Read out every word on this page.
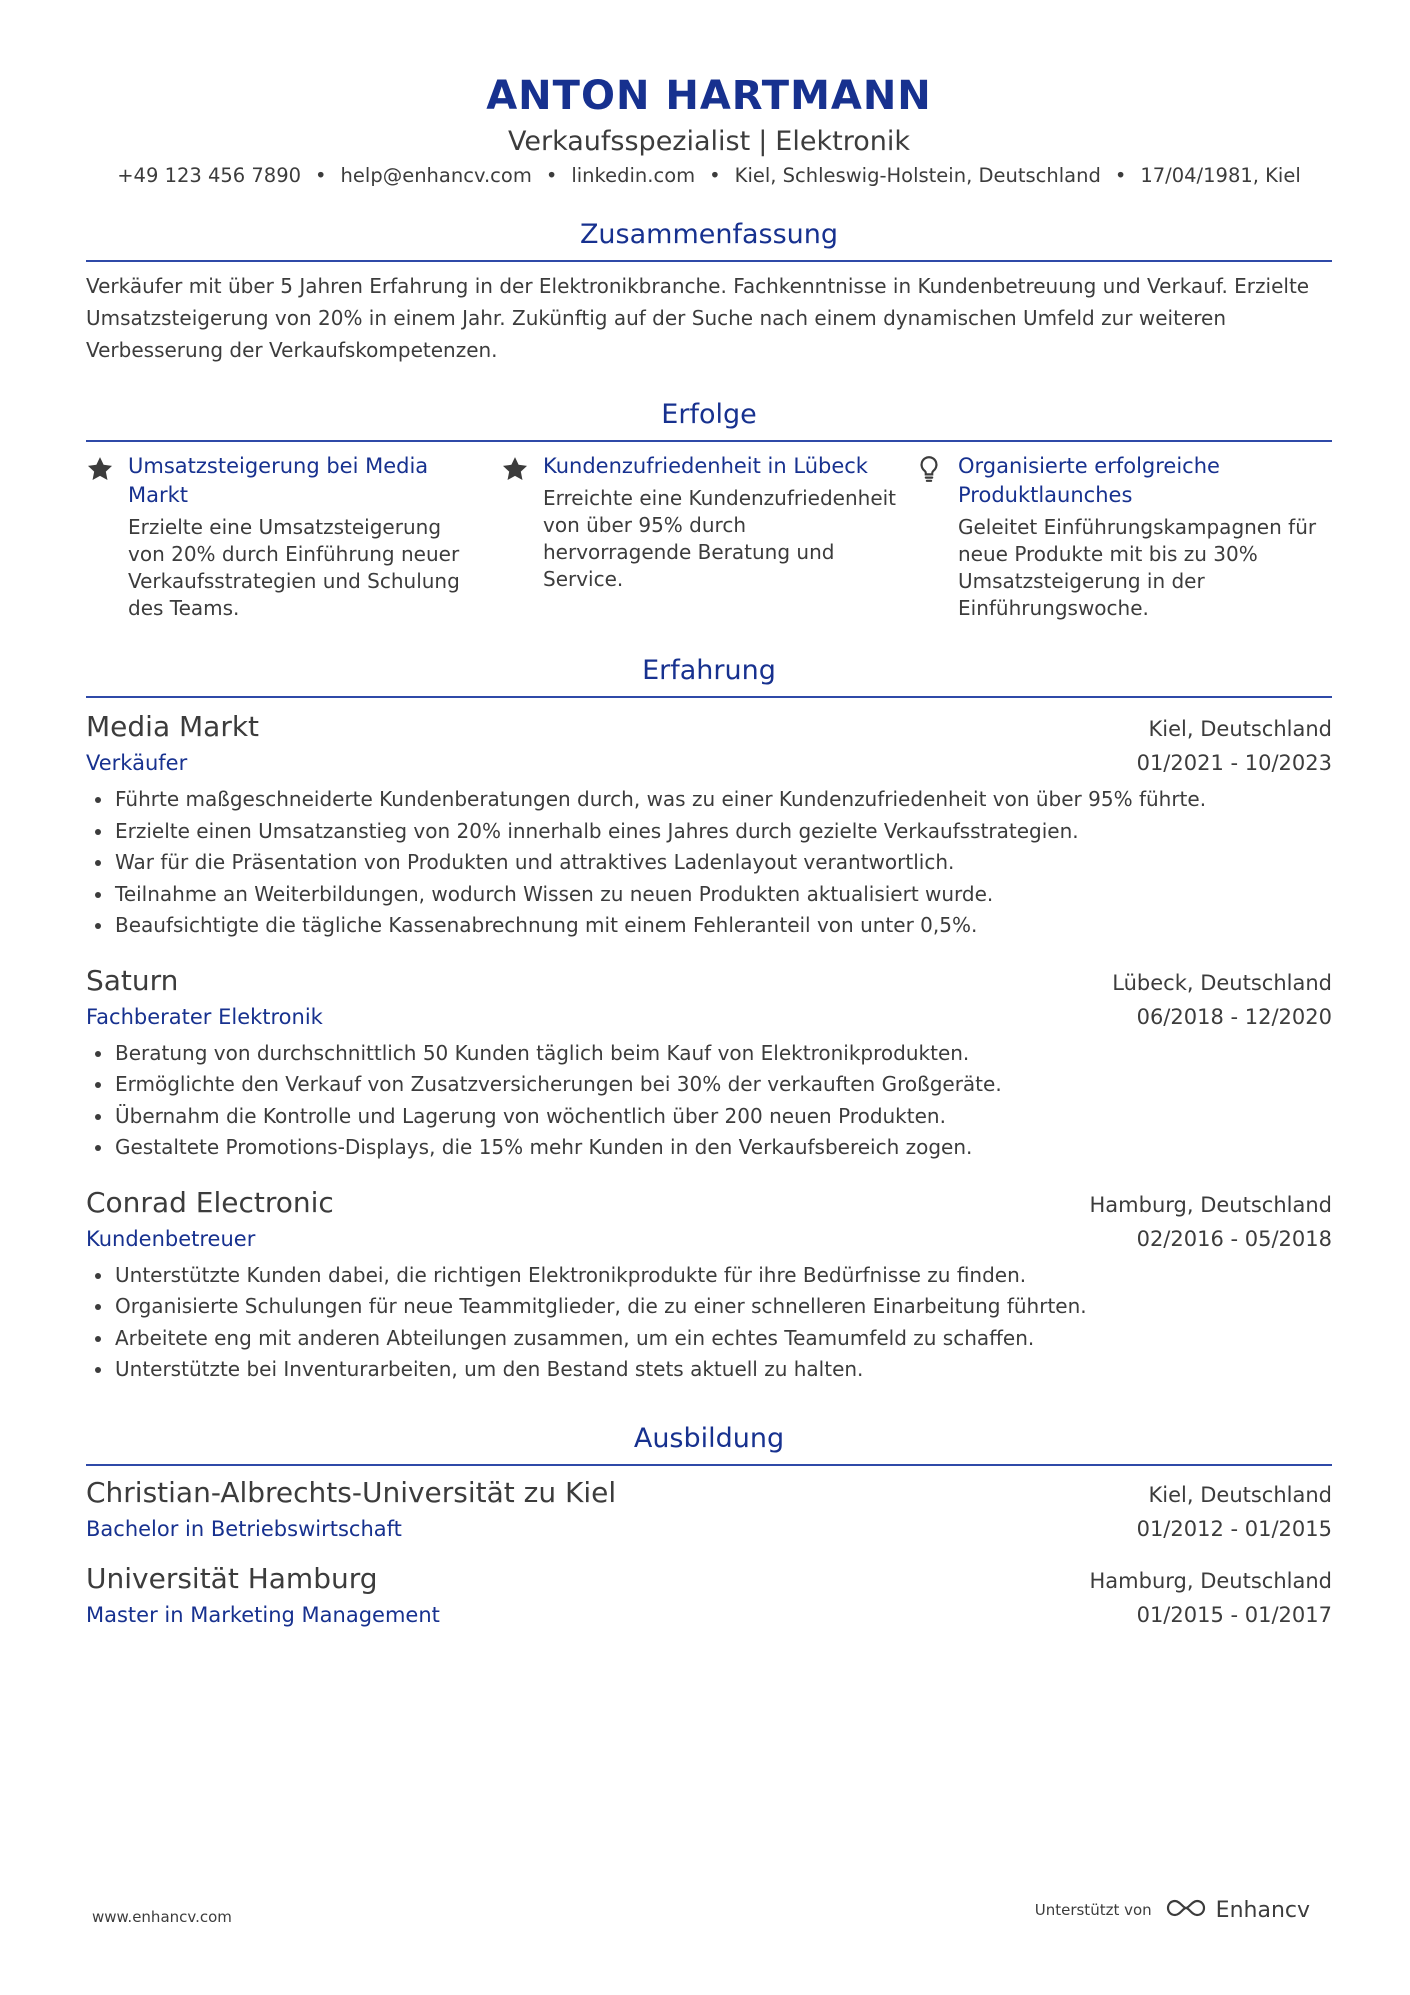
ANTON HARTMANN
Verkaufsspezialist | Elektronik
+49 123 456 7890 • help@enhancv.com • linkedin.com • Kiel, Schleswig-Holstein, Deutschland • 17/04/1981, Kiel
Zusammenfassung
Verkäufer mit über 5 Jahren Erfahrung in der Elektronikbranche. Fachkenntnisse in Kundenbetreuung und Verkauf. Erzielte Umsatzsteigerung von 20% in einem Jahr. Zukünftig auf der Suche nach einem dynamischen Umfeld zur weiteren Verbesserung der Verkaufskompetenzen.
Erfolge
Umsatzsteigerung bei Media Markt
Erzielte eine Umsatzsteigerung von 20% durch Einführung neuer Verkaufsstrategien und Schulung des Teams.
Kundenzufriedenheit in Lübeck
Erreichte eine Kundenzufriedenheit von über 95% durch hervorragende Beratung und Service.
Organisierte erfolgreiche Produktlaunches
Geleitet Einführungskampagnen für neue Produkte mit bis zu 30% Umsatzsteigerung in der Einführungswoche.
Erfahrung
Media Markt	Kiel, Deutschland
Verkäufer	01/2021 - 10/2023
Führte maßgeschneiderte Kundenberatungen durch, was zu einer Kundenzufriedenheit von über 95% führte.
Erzielte einen Umsatzanstieg von 20% innerhalb eines Jahres durch gezielte Verkaufsstrategien.
War für die Präsentation von Produkten und attraktives Ladenlayout verantwortlich.
Teilnahme an Weiterbildungen, wodurch Wissen zu neuen Produkten aktualisiert wurde.
Beaufsichtigte die tägliche Kassenabrechnung mit einem Fehleranteil von unter 0,5%.
Saturn	Lübeck, Deutschland
Fachberater Elektronik	06/2018 - 12/2020
Beratung von durchschnittlich 50 Kunden täglich beim Kauf von Elektronikprodukten.
Ermöglichte den Verkauf von Zusatzversicherungen bei 30% der verkauften Großgeräte.
Übernahm die Kontrolle und Lagerung von wöchentlich über 200 neuen Produkten.
Gestaltete Promotions-Displays, die 15% mehr Kunden in den Verkaufsbereich zogen.
Conrad Electronic	Hamburg, Deutschland
Kundenbetreuer	02/2016 - 05/2018
Unterstützte Kunden dabei, die richtigen Elektronikprodukte für ihre Bedürfnisse zu finden.
Organisierte Schulungen für neue Teammitglieder, die zu einer schnelleren Einarbeitung führten.
Arbeitete eng mit anderen Abteilungen zusammen, um ein echtes Teamumfeld zu schaffen.
Unterstützte bei Inventurarbeiten, um den Bestand stets aktuell zu halten.
Ausbildung
Christian-Albrechts-Universität zu Kiel	Kiel, Deutschland
Bachelor in Betriebswirtschaft	01/2012 - 01/2015
Universität Hamburg	Hamburg, Deutschland
Master in Marketing Management	01/2015 - 01/2017
www.enhancv.com	Unterstützt von	Enhancv
